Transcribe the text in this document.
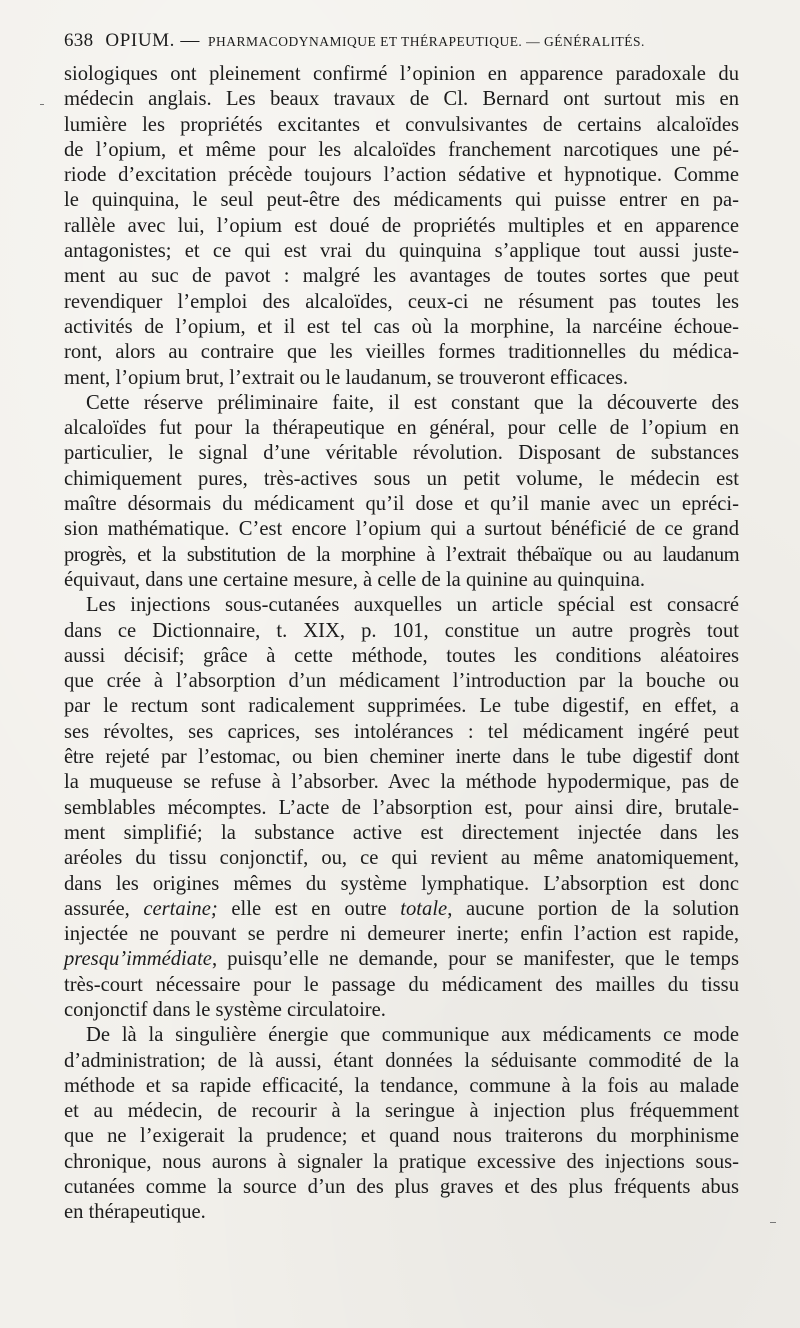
638 OPIUM. — PHARMACODYNAMIQUE ET THÉRAPEUTIQUE. — GÉNÉRALITÉS.
siologiques ont pleinement confirmé l’opinion en apparence paradoxale du
médecin anglais. Les beaux travaux de Cl. Bernard ont surtout mis en
lumière les propriétés excitantes et convulsivantes de certains alcaloïdes
de l’opium, et même pour les alcaloïdes franchement narcotiques une pé-
riode d’excitation précède toujours l’action sédative et hypnotique. Comme
le quinquina, le seul peut-être des médicaments qui puisse entrer en pa-
rallèle avec lui, l’opium est doué de propriétés multiples et en apparence
antagonistes; et ce qui est vrai du quinquina s’applique tout aussi juste-
ment au suc de pavot : malgré les avantages de toutes sortes que peut
revendiquer l’emploi des alcaloïdes, ceux-ci ne résument pas toutes les
activités de l’opium, et il est tel cas où la morphine, la narcéine échoue-
ront, alors au contraire que les vieilles formes traditionnelles du médica-
ment, l’opium brut, l’extrait ou le laudanum, se trouveront efficaces.
Cette réserve préliminaire faite, il est constant que la découverte des
alcaloïdes fut pour la thérapeutique en général, pour celle de l’opium en
particulier, le signal d’une véritable révolution. Disposant de substances
chimiquement pures, très-actives sous un petit volume, le médecin est
maître désormais du médicament qu’il dose et qu’il manie avec un epréci-
sion mathématique. C’est encore l’opium qui a surtout bénéficié de ce grand
progrès, et la substitution de la morphine à l’extrait thébaïque ou au laudanum
équivaut, dans une certaine mesure, à celle de la quinine au quinquina.
Les injections sous-cutanées auxquelles un article spécial est consacré
dans ce Dictionnaire, t. XIX, p. 101, constitue un autre progrès tout
aussi décisif; grâce à cette méthode, toutes les conditions aléatoires
que crée à l’absorption d’un médicament l’introduction par la bouche ou
par le rectum sont radicalement supprimées. Le tube digestif, en effet, a
ses révoltes, ses caprices, ses intolérances : tel médicament ingéré peut
être rejeté par l’estomac, ou bien cheminer inerte dans le tube digestif dont
la muqueuse se refuse à l’absorber. Avec la méthode hypodermique, pas de
semblables mécomptes. L’acte de l’absorption est, pour ainsi dire, brutale-
ment simplifié; la substance active est directement injectée dans les
aréoles du tissu conjonctif, ou, ce qui revient au même anatomiquement,
dans les origines mêmes du système lymphatique. L’absorption est donc
assurée, certaine; elle est en outre totale, aucune portion de la solution
injectée ne pouvant se perdre ni demeurer inerte; enfin l’action est rapide,
presqu’immédiate, puisqu’elle ne demande, pour se manifester, que le temps
très-court nécessaire pour le passage du médicament des mailles du tissu
conjonctif dans le système circulatoire.
De là la singulière énergie que communique aux médicaments ce mode
d’administration; de là aussi, étant données la séduisante commodité de la
méthode et sa rapide efficacité, la tendance, commune à la fois au malade
et au médecin, de recourir à la seringue à injection plus fréquemment
que ne l’exigerait la prudence; et quand nous traiterons du morphinisme
chronique, nous aurons à signaler la pratique excessive des injections sous-
cutanées comme la source d’un des plus graves et des plus fréquents abus
en thérapeutique.
